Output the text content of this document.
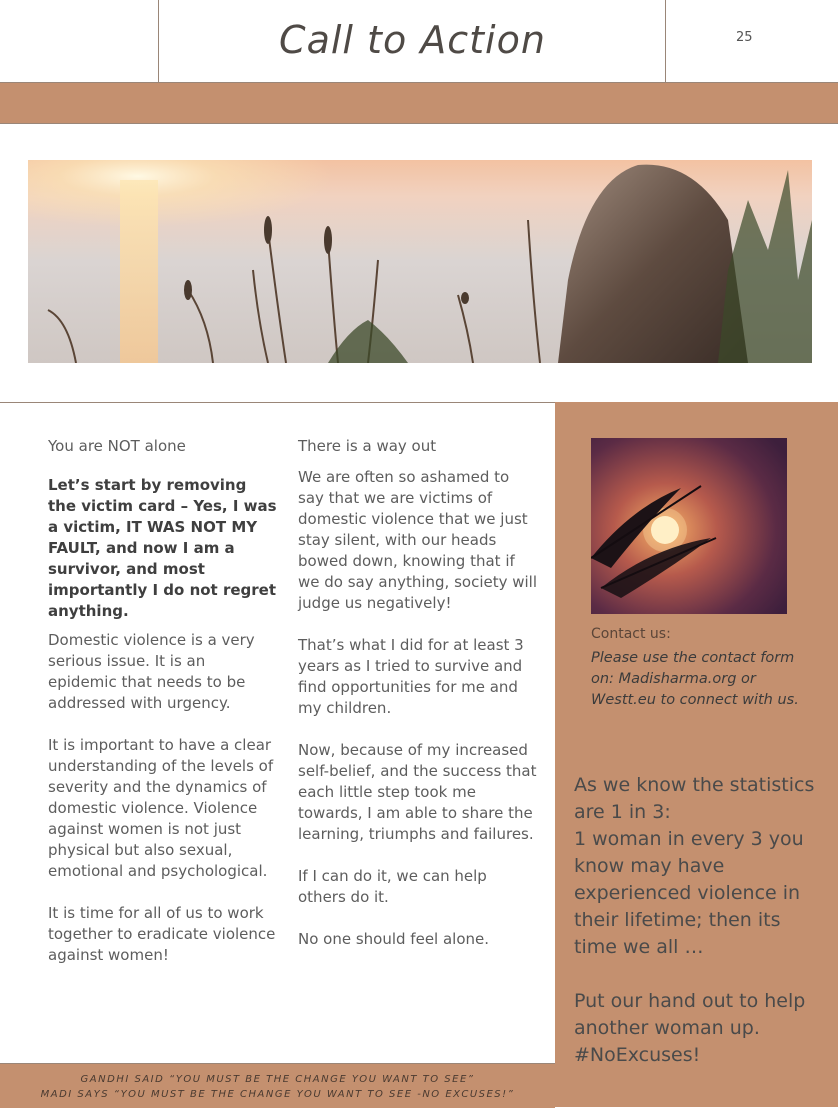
Call to Action	25
You are NOT alone
Let’s start by removing the victim card – Yes, I was a victim, IT WAS NOT MY FAULT, and now I am a survivor, and most importantly I do not regret anything.
Domestic violence is a very serious issue. It is an epidemic that needs to be addressed with urgency.
It is important to have a clear understanding of the levels of severity and the dynamics of domestic violence. Violence against women is not just physical but also sexual, emotional and psychological.
It is time for all of us to work together to eradicate violence against women!
There is a way out
We are often so ashamed to say that we are victims of domestic violence that we just stay silent, with our heads bowed down, knowing that if we do say anything, society will judge us negatively!
That’s what I did for at least 3 years as I tried to survive and find opportunities for me and my children.
Now, because of my increased self-belief, and the success that each little step took me towards, I am able to share the learning, triumphs and failures.
If I can do it, we can help others do it.
No one should feel alone.
Contact us:

Please use the contact form on: Madisharma.org or Westt.eu to connect with us.

As we know the statistics are 1 in 3:

1 woman in every 3 you know may have experienced violence in their lifetime; then its time we all …

Put our hand out to help another woman up. #NoExcuses!

GANDHI SAID “YOU MUST BE THE CHANGE YOU WANT TO SEE”
MADI SAYS “YOU MUST BE THE CHANGE YOU WANT TO SEE -NO EXCUSES!”
